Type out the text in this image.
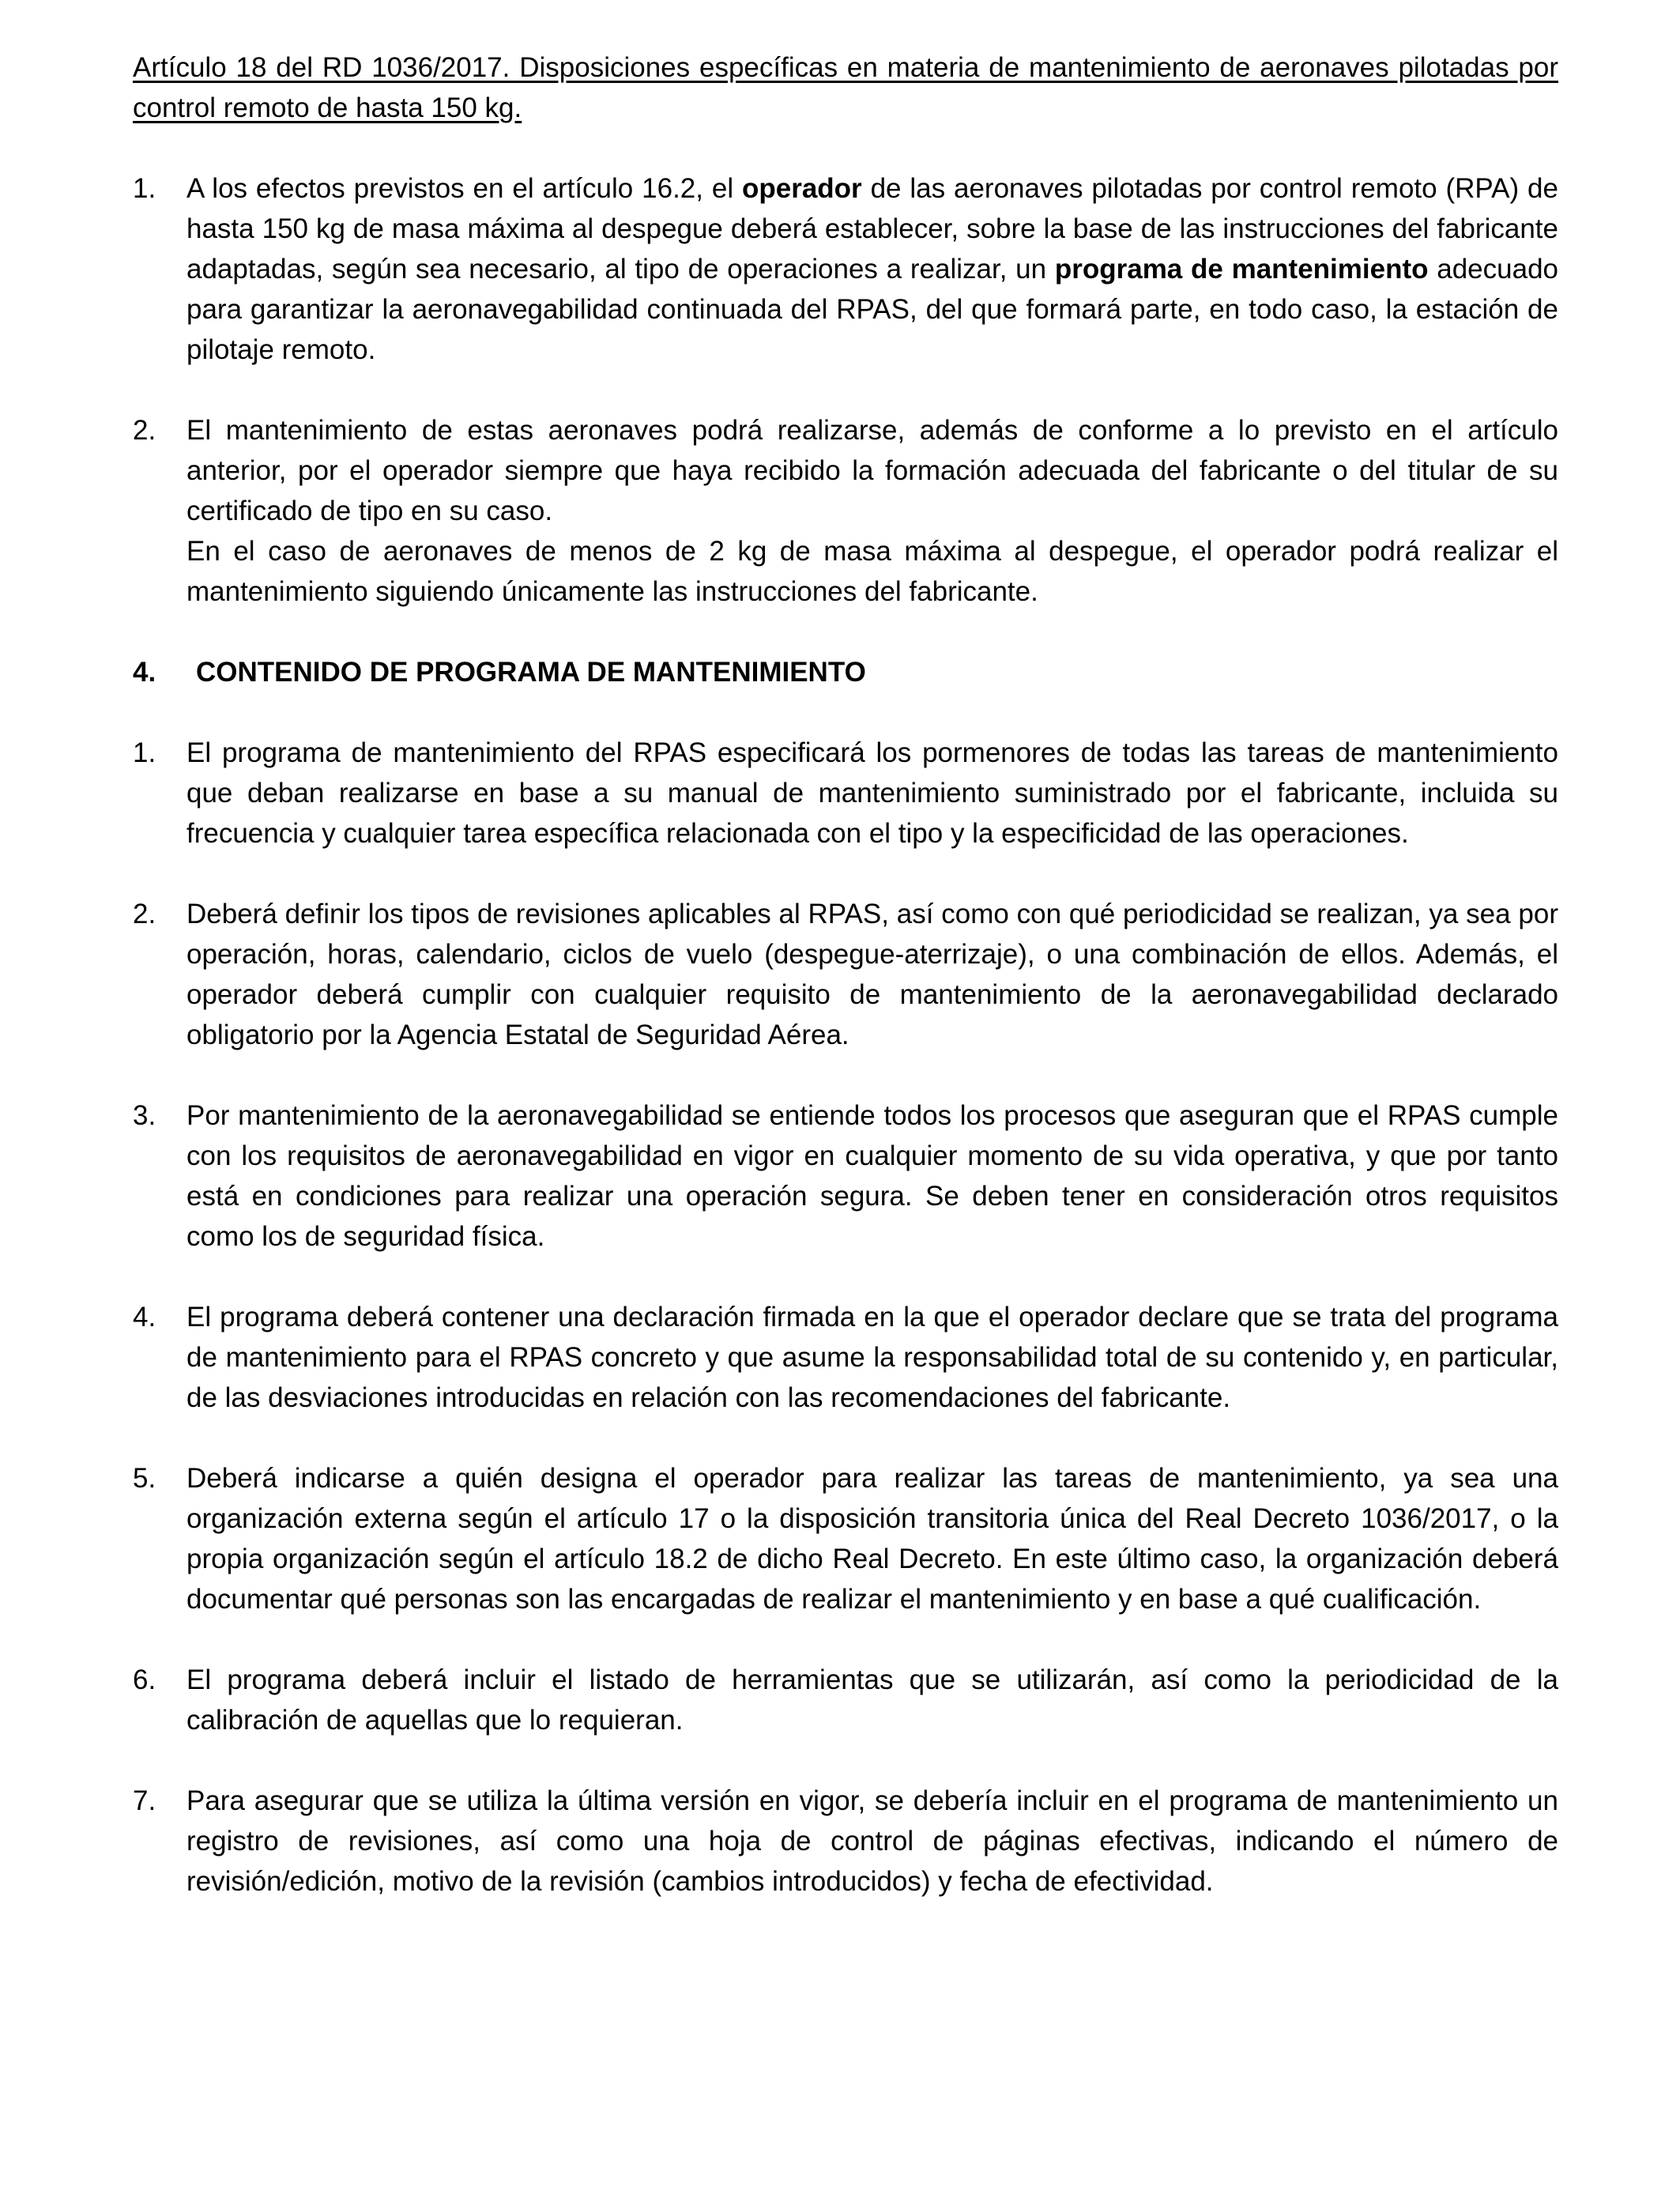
Artículo 18 del RD 1036/2017. Disposiciones específicas en materia de mantenimiento de aeronaves pilotadas por control remoto de hasta 150 kg.

1.	A los efectos previstos en el artículo 16.2, el operador de las aeronaves pilotadas por control remoto (RPA) de hasta 150 kg de masa máxima al despegue deberá establecer, sobre la base de las instrucciones del fabricante adaptadas, según sea necesario, al tipo de operaciones a realizar, un programa de mantenimiento adecuado para garantizar la aeronavegabilidad continuada del RPAS, del que formará parte, en todo caso, la estación de pilotaje remoto.
2.	El mantenimiento de estas aeronaves podrá realizarse, además de conforme a lo previsto en el artículo anterior, por el operador siempre que haya recibido la formación adecuada del fabricante o del titular de su certificado de tipo en su caso.
En el caso de aeronaves de menos de 2 kg de masa máxima al despegue, el operador podrá realizar el mantenimiento siguiendo únicamente las instrucciones del fabricante.
4.	CONTENIDO DE PROGRAMA DE MANTENIMIENTO
1.	El programa de mantenimiento del RPAS especificará los pormenores de todas las tareas de mantenimiento que deban realizarse en base a su manual de mantenimiento suministrado por el fabricante, incluida su frecuencia y cualquier tarea específica relacionada con el tipo y la especificidad de las operaciones.
2.	Deberá definir los tipos de revisiones aplicables al RPAS, así como con qué periodicidad se realizan, ya sea por operación, horas, calendario, ciclos de vuelo (despegue-aterrizaje), o una combinación de ellos. Además, el operador deberá cumplir con cualquier requisito de mantenimiento de la aeronavegabilidad declarado obligatorio por la Agencia Estatal de Seguridad Aérea.
3.	Por mantenimiento de la aeronavegabilidad se entiende todos los procesos que aseguran que el RPAS cumple con los requisitos de aeronavegabilidad en vigor en cualquier momento de su vida operativa, y que por tanto está en condiciones para realizar una operación segura. Se deben tener en consideración otros requisitos como los de seguridad física.
4.	El programa deberá contener una declaración firmada en la que el operador declare que se trata del programa de mantenimiento para el RPAS concreto y que asume la responsabilidad total de su contenido y, en particular, de las desviaciones introducidas en relación con las recomendaciones del fabricante.
5.	Deberá indicarse a quién designa el operador para realizar las tareas de mantenimiento, ya sea una organización externa según el artículo 17 o la disposición transitoria única del Real Decreto 1036/2017, o la propia organización según el artículo 18.2 de dicho Real Decreto. En este último caso, la organización deberá documentar qué personas son las encargadas de realizar el mantenimiento y en base a qué cualificación.
6.	El programa deberá incluir el listado de herramientas que se utilizarán, así como la periodicidad de la calibración de aquellas que lo requieran.
7.	Para asegurar que se utiliza la última versión en vigor, se debería incluir en el programa de mantenimiento un registro de revisiones, así como una hoja de control de páginas efectivas, indicando el número de revisión/edición, motivo de la revisión (cambios introducidos) y fecha de efectividad.
